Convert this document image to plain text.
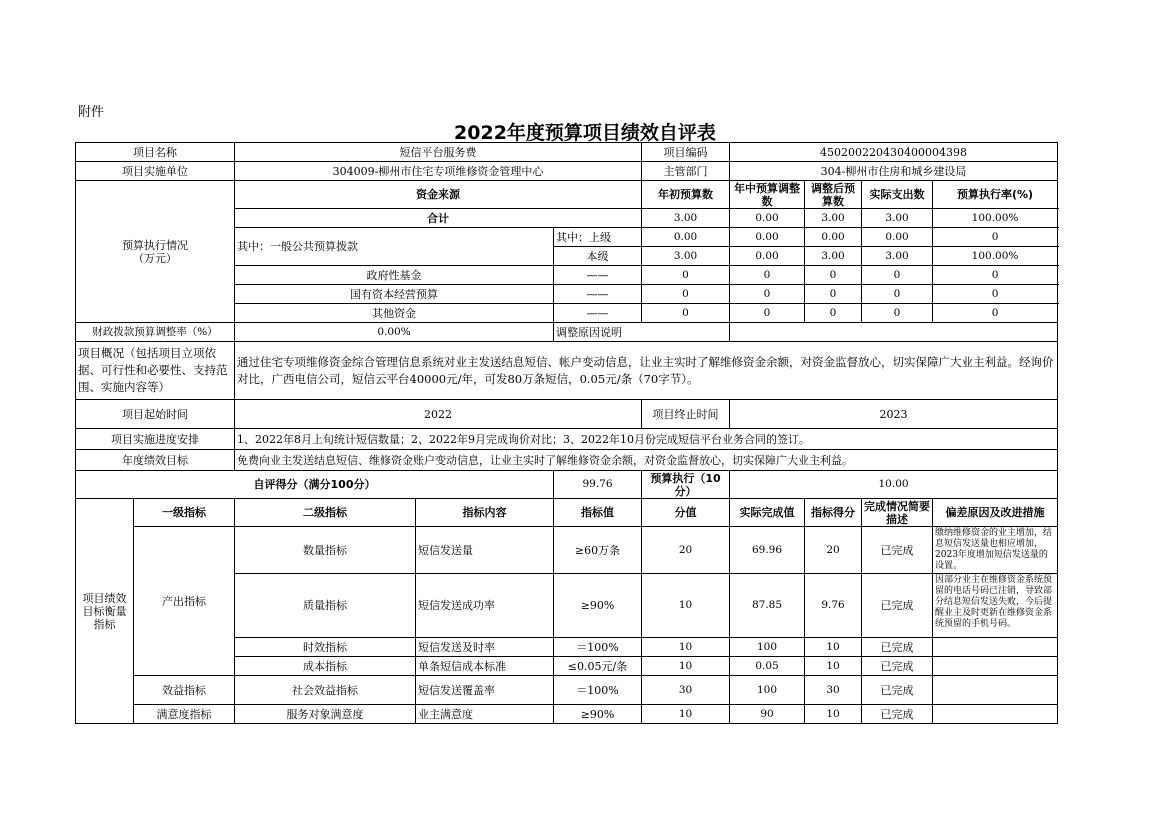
附件
2022年度预算项目绩效自评表
项目名称		短信平台服务费			项目编码	450200220430400004398			
项目实施单位		304009-柳州市住宅专项维修资金管理中心			主管部门	304-柳州市住房和城乡建设局			
预算执行情况
（万元）		资金来源			年初预算数	年中预算调整数	调整后预算数	实际支出数	预算执行率(%)
		合计			3.00	0.00	3.00	3.00	100.00%
		其中：一般公共预算拨款		其中：上级	0.00	0.00	0.00	0.00	0
				本级	3.00	0.00	3.00	3.00	100.00%
		政府性基金		——	0	0	0	0	0
		国有资本经营预算		——	0	0	0	0	0
		其他资金		——	0	0	0	0	0
财政拨款预算调整率（%）		0.00%		调整原因说明					
项目概况（包括项目立项依据、可行性和必要性、支持范围、实施内容等）		通过住宅专项维修资金综合管理信息系统对业主发送结息短信、帐户变动信息，让业主实时了解维修资金余额，对资金监督放心，切实保障广大业主利益。经询价对比，广西电信公司，短信云平台40000元/年，可发80万条短信，0.05元/条（70字节）。							
项目起始时间		2022			项目终止时间	2023			
项目实施进度安排		1、2022年8月上旬统计短信数量；2、2022年9月完成询价对比；3、2022年10月份完成短信平台业务合同的签订。							
年度绩效目标		免费向业主发送结息短信、维修资金账户变动信息，让业主实时了解维修资金余额，对资金监督放心，切实保障广大业主利益。							
自评得分（满分100分）				99.76	预算执行（10分）	10.00			
项目绩效目标衡量指标	一级指标	二级指标	指标内容	指标值	分值	实际完成值	指标得分	完成情况简要描述	偏差原因及改进措施
	产出指标	数量指标	短信发送量	≥60万条	20	69.96	20	已完成	缴纳维修资金的业主增加，结息短信发送量也相应增加，2023年度增加短信发送量的设置。
		质量指标	短信发送成功率	≥90%	10	87.85	9.76	已完成	因部分业主在维修资金系统预留的电话号码已注销，导致部分结息短信发送失败，今后提醒业主及时更新在维修资金系统预留的手机号码。
		时效指标	短信发送及时率	＝100%	10	100	10	已完成	
		成本指标	单条短信成本标准	≤0.05元/条	10	0.05	10	已完成	
	效益指标	社会效益指标	短信发送覆盖率	＝100%	30	100	30	已完成	
	满意度指标	服务对象满意度	业主满意度	≥90%	10	90	10	已完成	
